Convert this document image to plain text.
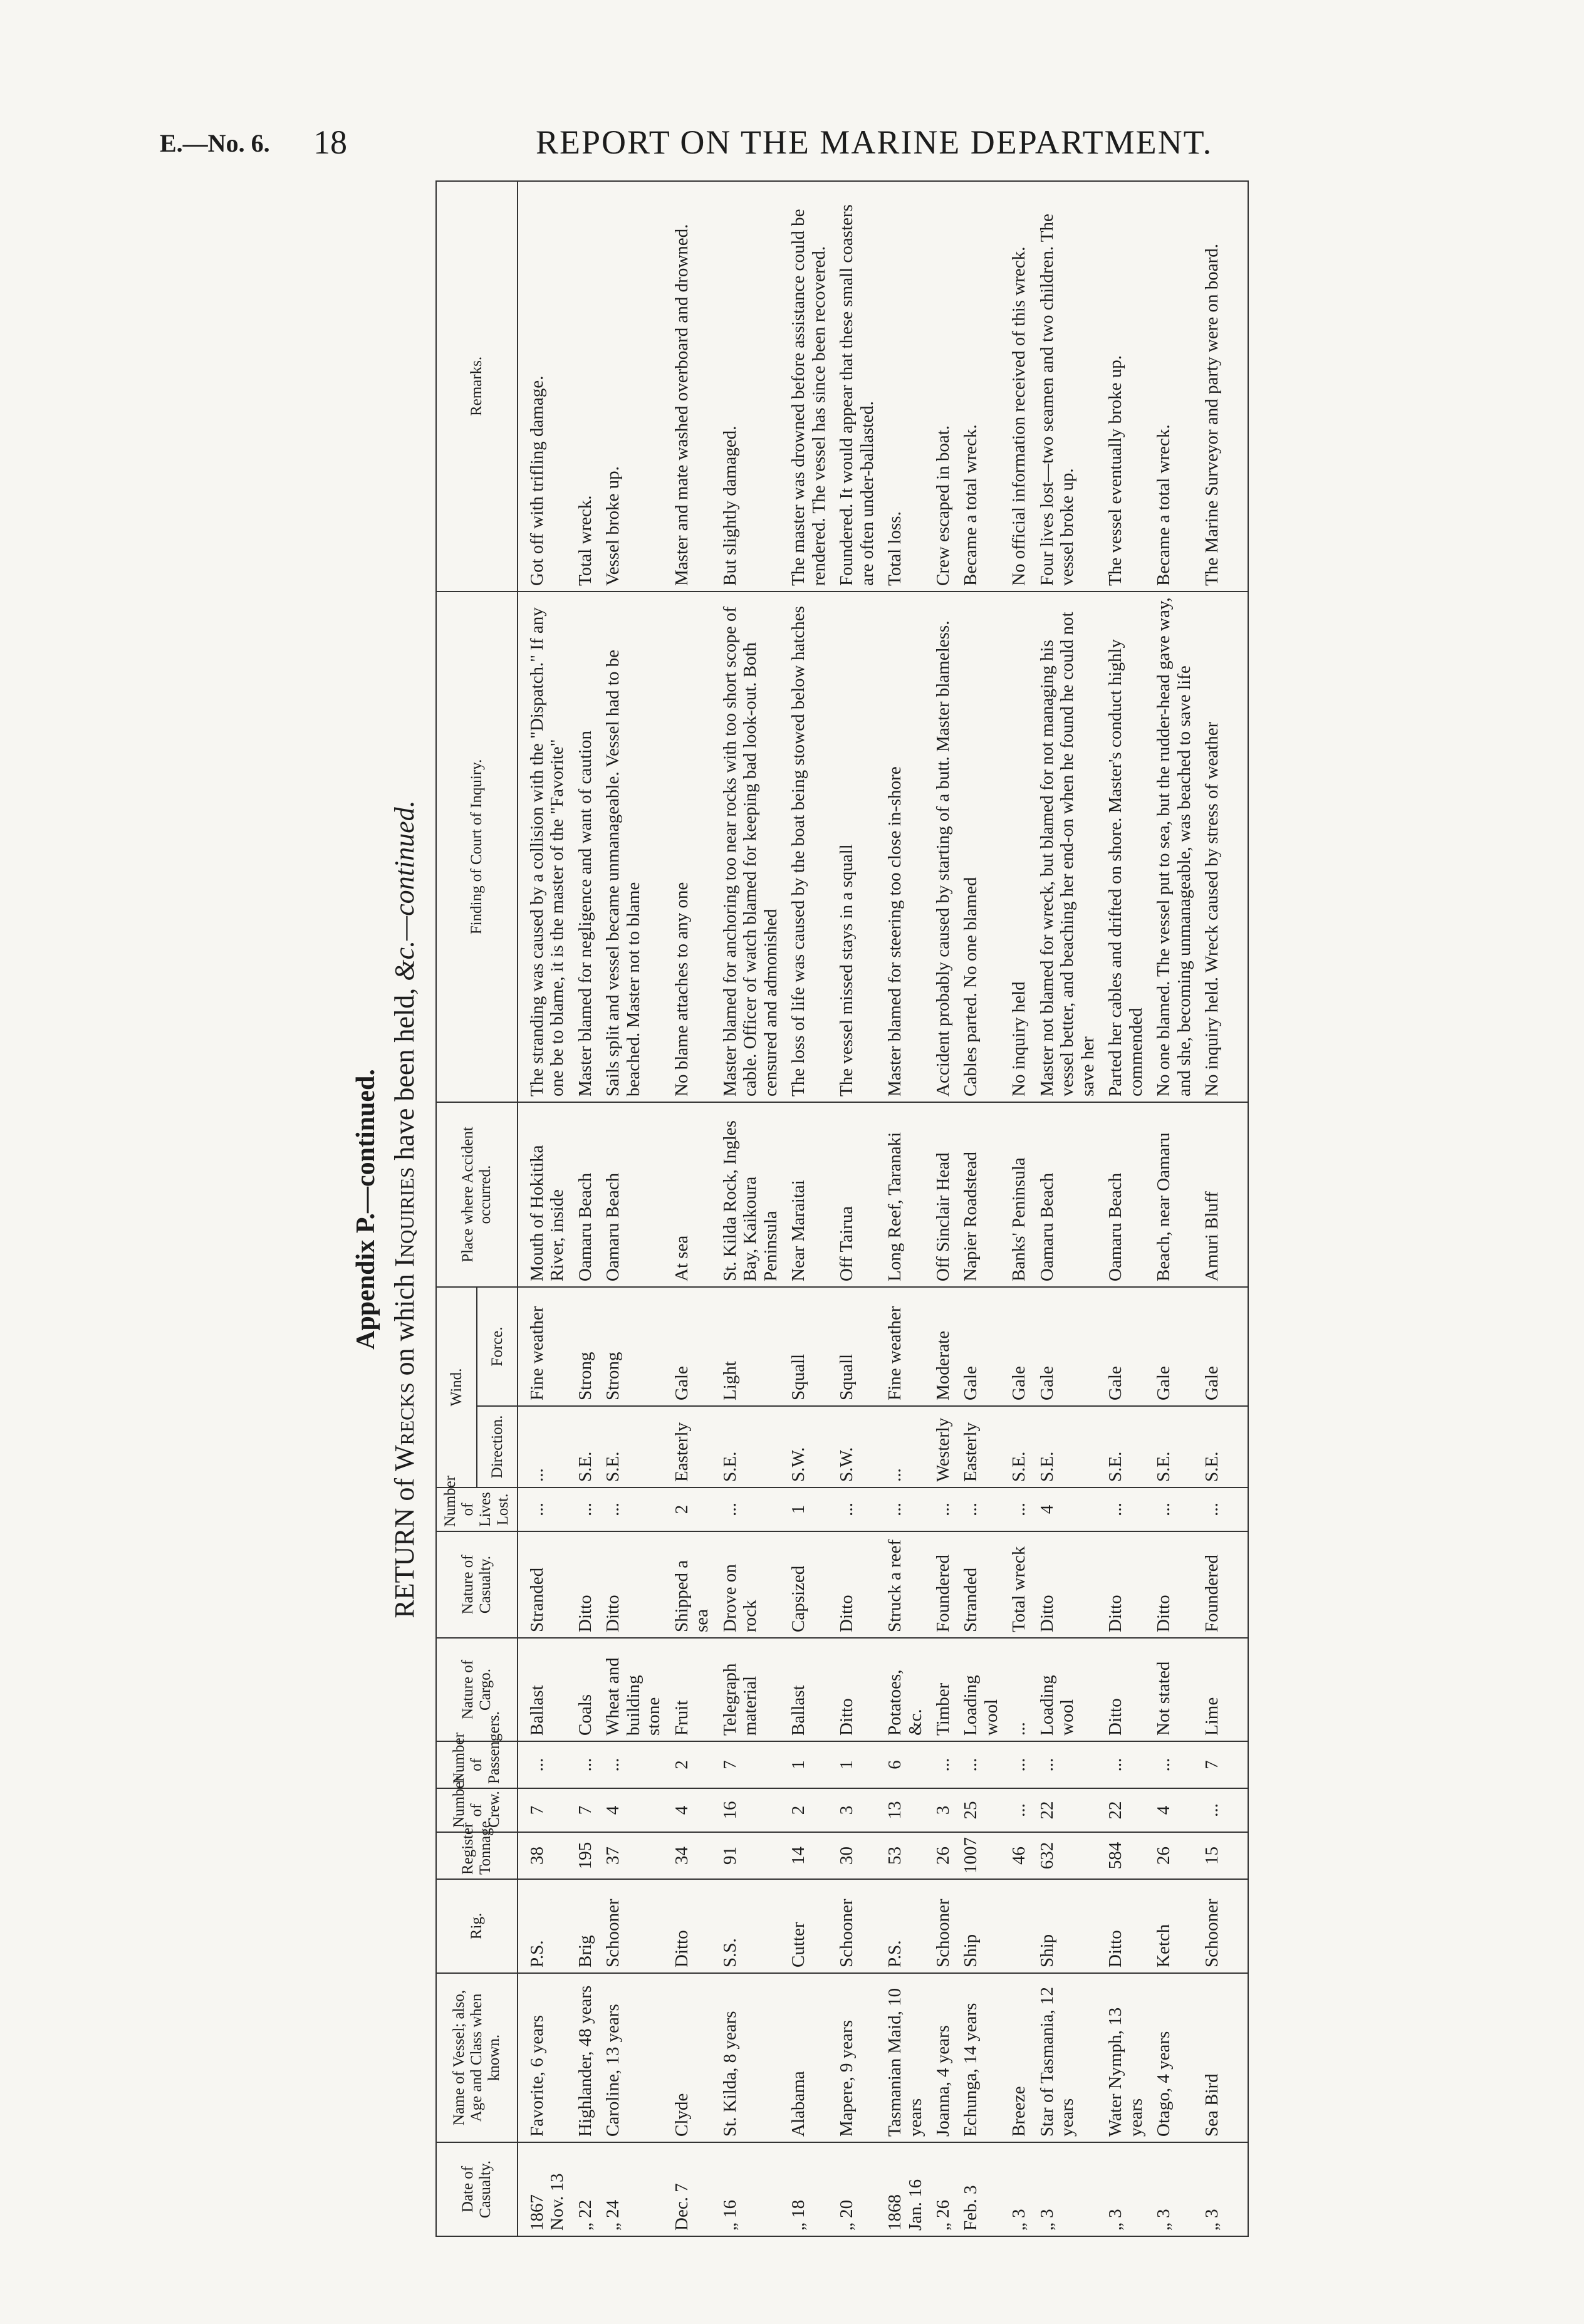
E.—No. 6. 18	REPORT ON THE MARINE DEPARTMENT.
Appendix P.—continued.
RETURN of Wrecks on which Inquiries have been held, &c.—continued.
Date of Casualty.	Name of Vessel; also, Age and Class when known.	Rig.	Register Tonnage.	Number of Crew.	Number of Passengers.	Nature of Cargo.	Nature of Casualty.	Number of Lives Lost.	Wind.		Place where Accident occurred.	Finding of Court of Inquiry.	Remarks.
									Direction.	Force.			

1867 Nov. 13	Favorite, 6 years	P.S.	38	7	...	Ballast	Stranded	...	...	Fine weather	Mouth of Hokitika River, inside	The stranding was caused by a collision with the "Dispatch." If any one be to blame, it is the master of the "Favorite"	Got off with trifling damage.
„ 22	Highlander, 48 years	Brig	195	7	...	Coals	Ditto	...	S.E.	Strong	Oamaru Beach	Master blamed for negligence and want of caution	Total wreck.
„ 24	Caroline, 13 years	Schooner	37	4	...	Wheat and building stone	Ditto	...	S.E.	Strong	Oamaru Beach	Sails split and vessel became unmanageable. Vessel had to be beached. Master not to blame	Vessel broke up.
Dec. 7	Clyde	Ditto	34	4	2	Fruit	Shipped a sea	2	Easterly	Gale	At sea	No blame attaches to any one	Master and mate washed overboard and drowned.
„ 16	St. Kilda, 8 years	S.S.	91	16	7	Telegraph material	Drove on rock	...	S.E.	Light	St. Kilda Rock, Ingles Bay, Kaikoura Peninsula	Master blamed for anchoring too near rocks with too short scope of cable. Officer of watch blamed for keeping bad look-out. Both censured and admonished	But slightly damaged.
„ 18	Alabama	Cutter	14	2	1	Ballast	Capsized	1	S.W.	Squall	Near Maraitai	The loss of life was caused by the boat being stowed below hatches	The master was drowned before assistance could be rendered. The vessel has since been recovered.
„ 20	Mapere, 9 years	Schooner	30	3	1	Ditto	Ditto	...	S.W.	Squall	Off Tairua	The vessel missed stays in a squall	Foundered. It would appear that these small coasters are often under-ballasted.

1868 Jan. 16	Tasmanian Maid, 10 years	P.S.	53	13	6	Potatoes, &c.	Struck a reef	...	...	Fine weather	Long Reef, Taranaki	Master blamed for steering too close in-shore	Total loss.
„ 26	Joanna, 4 years	Schooner	26	3	...	Timber	Foundered	...	Westerly	Moderate	Off Sinclair Head	Accident probably caused by starting of a butt. Master blameless.	Crew escaped in boat.
Feb. 3	Echunga, 14 years	Ship	1007	25	...	Loading wool	Stranded	...	Easterly	Gale	Napier Roadstead	Cables parted. No one blamed	Became a total wreck.
„ 3	Breeze		46	...	...	...	Total wreck	...	S.E.	Gale	Banks' Peninsula	No inquiry held	No official information received of this wreck.
„ 3	Star of Tasmania, 12 years	Ship	632	22	...	Loading wool	Ditto	4	S.E.	Gale	Oamaru Beach	Master not blamed for wreck, but blamed for not managing his vessel better, and beaching her end-on when he found he could not save her	Four lives lost—two seamen and two children. The vessel broke up.
„ 3	Water Nymph, 13 years	Ditto	584	22	...	Ditto	Ditto	...	S.E.	Gale	Oamaru Beach	Parted her cables and drifted on shore. Master's conduct highly commended	The vessel eventually broke up.
„ 3	Otago, 4 years	Ketch	26	4	...	Not stated	Ditto	...	S.E.	Gale	Beach, near Oamaru	No one blamed. The vessel put to sea, but the rudder-head gave way, and she, becoming unmanageable, was beached to save life	Became a total wreck.
„ 3	Sea Bird	Schooner	15	...	7	Lime	Foundered	...	S.E.	Gale	Amuri Bluff	No inquiry held. Wreck caused by stress of weather	The Marine Surveyor and party were on board.
